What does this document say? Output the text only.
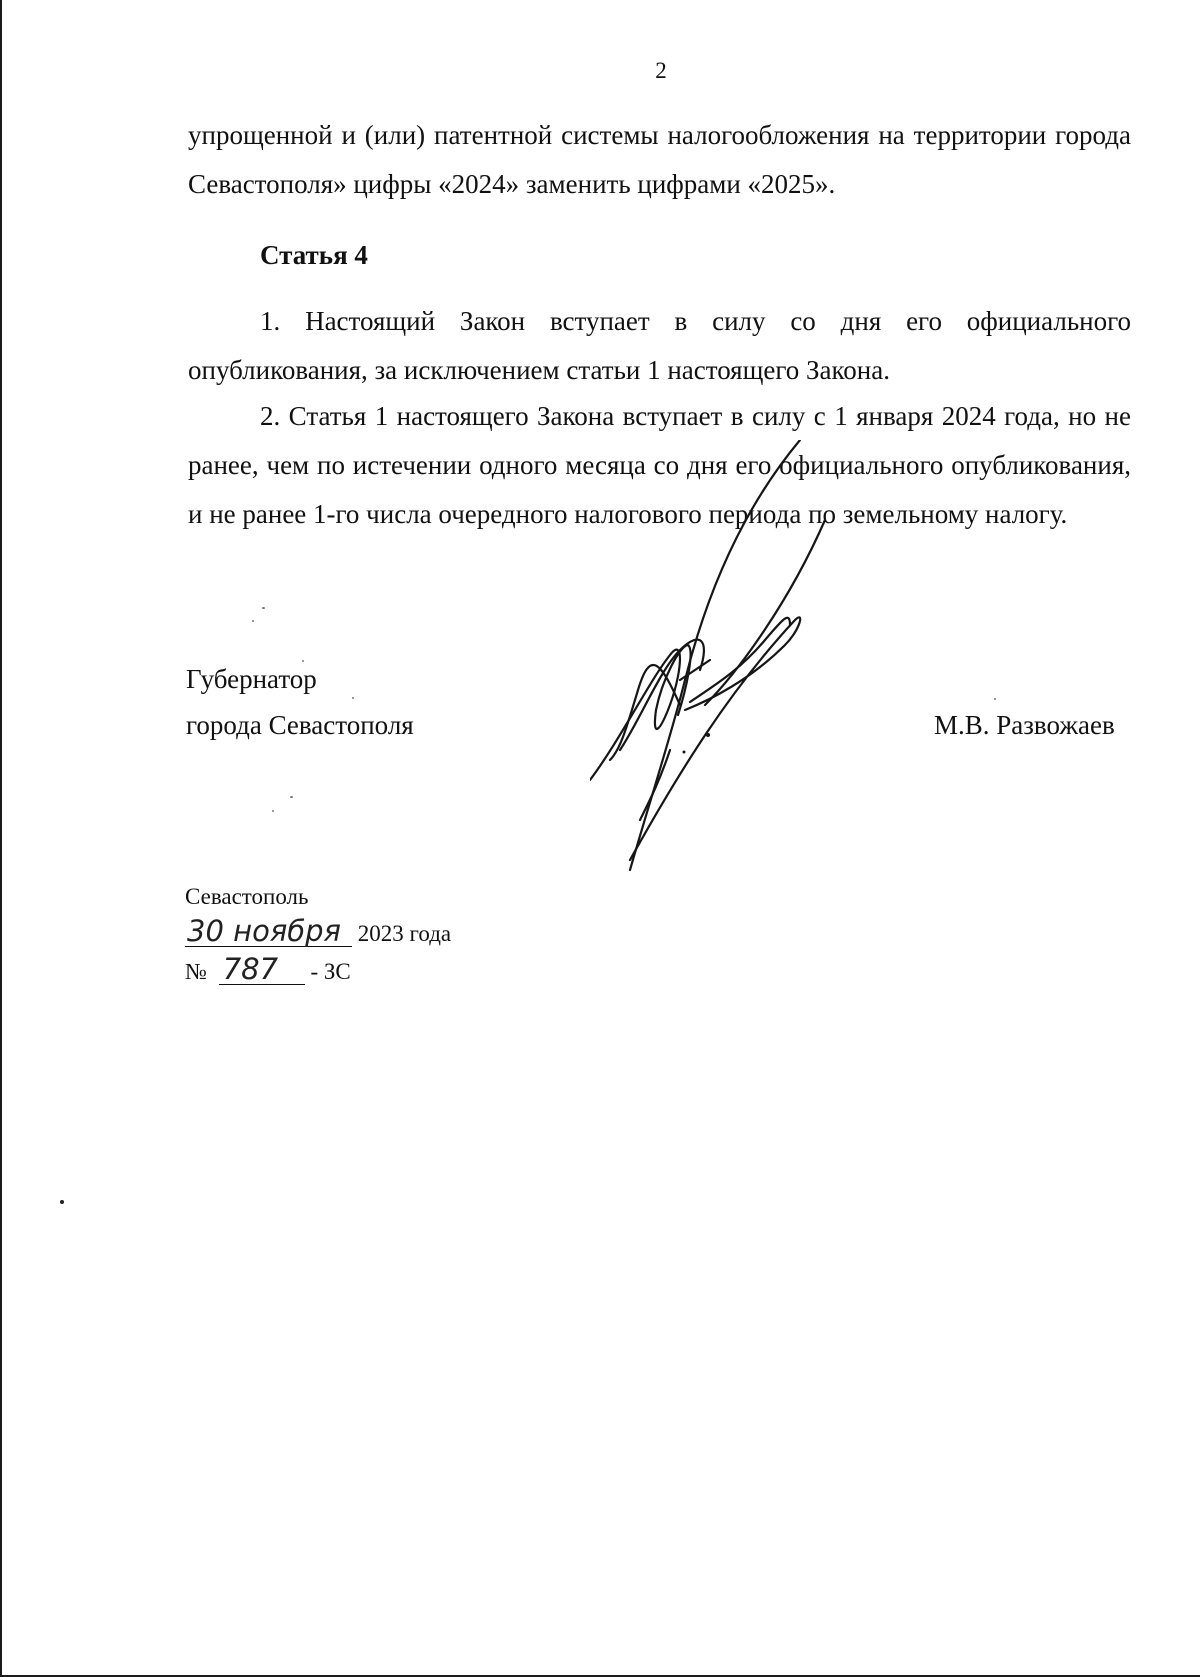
2

упрощенной и (или) патентной системы налогообложения на территории города Севастополя» цифры «2024» заменить цифрами «2025».

Статья 4

1. Настоящий Закон вступает в силу со дня его официального опубликования, за исключением статьи 1 настоящего Закона.

2. Статья 1 настоящего Закона вступает в силу с 1 января 2024 года, но не ранее, чем по истечении одного месяца со дня его официального опубликования, и не ранее 1-го числа очередного налогового периода по земельному налогу.

Губернатор
города Севастополя	М.В. Развожаев
Севастополь
30 ноября 2023 года
№ 787 - ЗС
